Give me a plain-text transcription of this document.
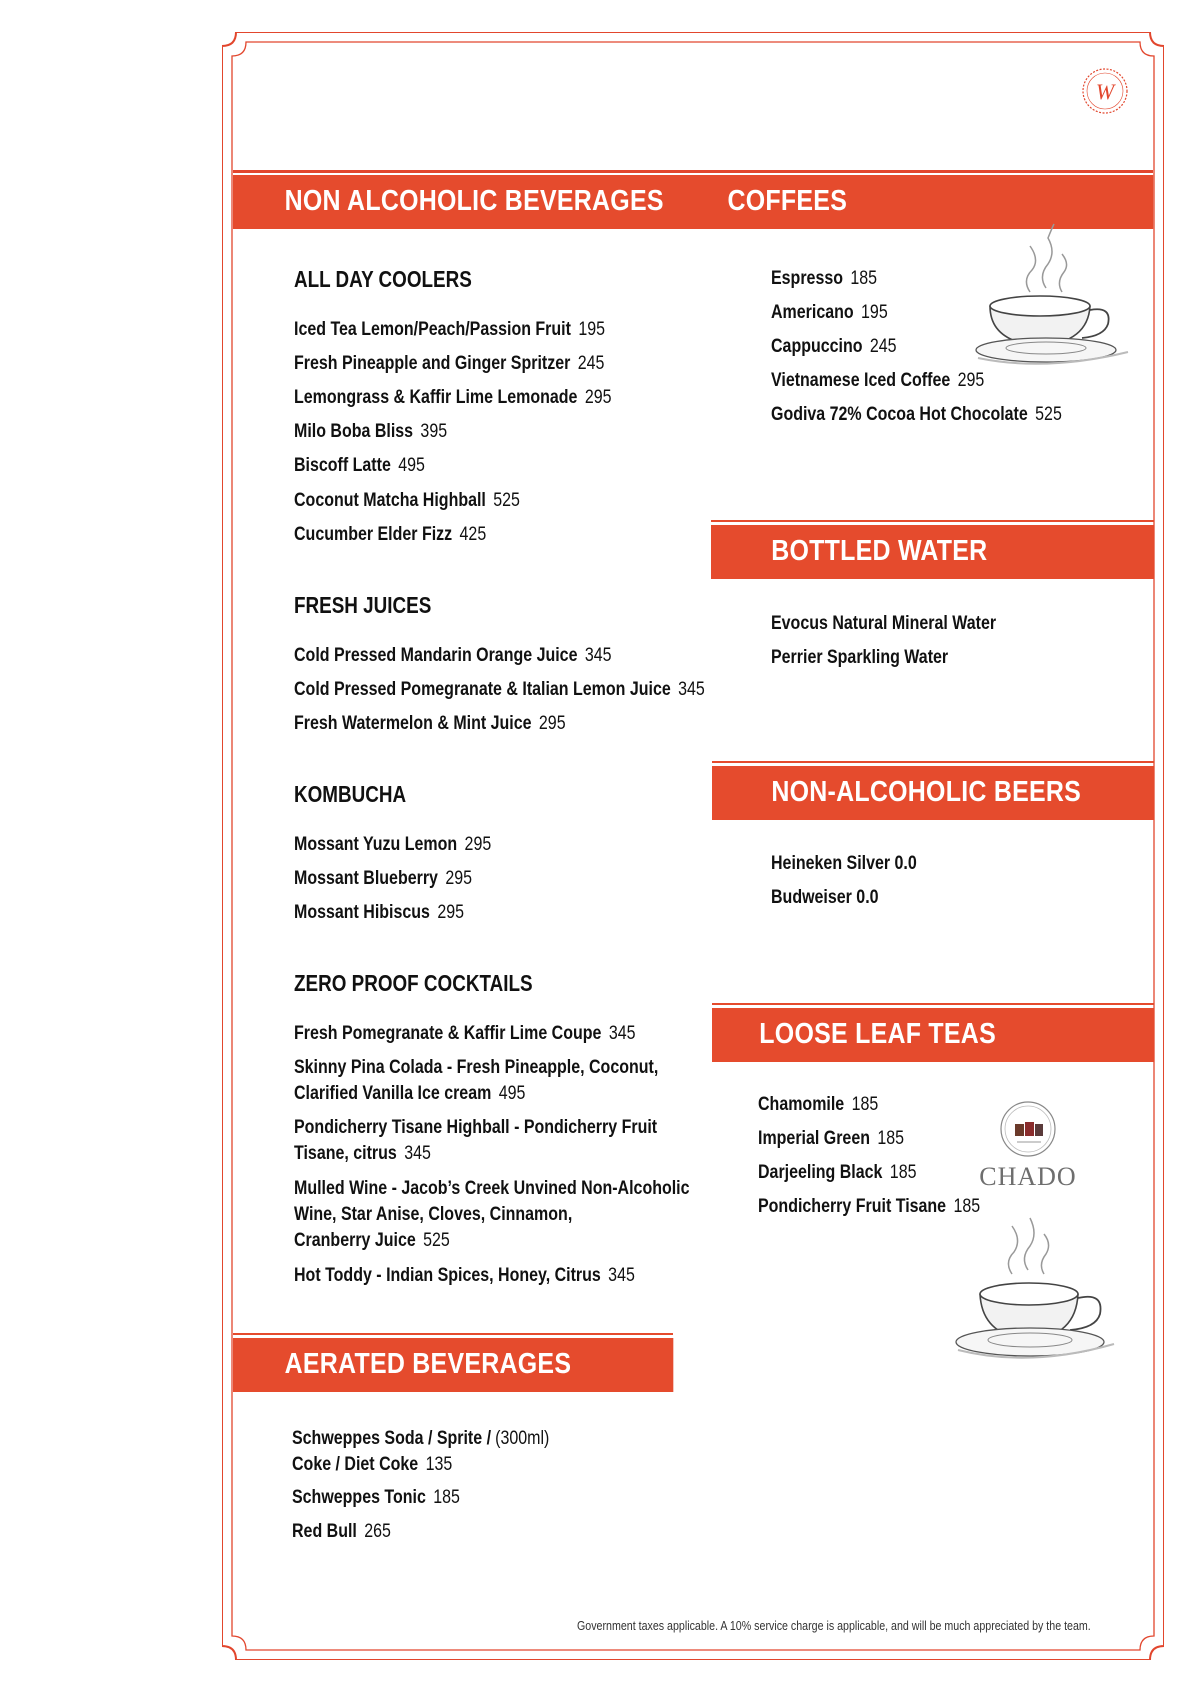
W
NON ALCOHOLIC BEVERAGES COFFEES
ALL DAY COOLERS
Iced Tea Lemon/Peach/Passion Fruit 195
Fresh Pineapple and Ginger Spritzer 245
Lemongrass & Kaffir Lime Lemonade 295
Milo Boba Bliss 395
Biscoff Latte 495
Coconut Matcha Highball 525
Cucumber Elder Fizz 425
FRESH JUICES
Cold Pressed Mandarin Orange Juice 345
Cold Pressed Pomegranate & Italian Lemon Juice 345
Fresh Watermelon & Mint Juice 295
KOMBUCHA
Mossant Yuzu Lemon 295
Mossant Blueberry 295
Mossant Hibiscus 295
ZERO PROOF COCKTAILS
Fresh Pomegranate & Kaffir Lime Coupe 345
Skinny Pina Colada - Fresh Pineapple, Coconut,
Clarified Vanilla Ice cream 495
Pondicherry Tisane Highball - Pondicherry Fruit
Tisane, citrus 345
Mulled Wine - Jacob’s Creek Unvined Non-Alcoholic
Wine, Star Anise, Cloves, Cinnamon,
Cranberry Juice 525
Hot Toddy - Indian Spices, Honey, Citrus 345
AERATED BEVERAGES
Schweppes Soda / Sprite / (300ml)
Coke / Diet Coke 135
Schweppes Tonic 185
Red Bull 265
Espresso 185
Americano 195
Cappuccino 245
Vietnamese Iced Coffee 295
Godiva 72% Cocoa Hot Chocolate 525
BOTTLED WATER
Evocus Natural Mineral Water
Perrier Sparkling Water
NON-ALCOHOLIC BEERS
Heineken Silver 0.0
Budweiser 0.0
LOOSE LEAF TEAS
Chamomile 185
Imperial Green 185
Darjeeling Black 185
Pondicherry Fruit Tisane 185
CHADO
Government taxes applicable. A 10% service charge is applicable, and will be much appreciated by the team.
